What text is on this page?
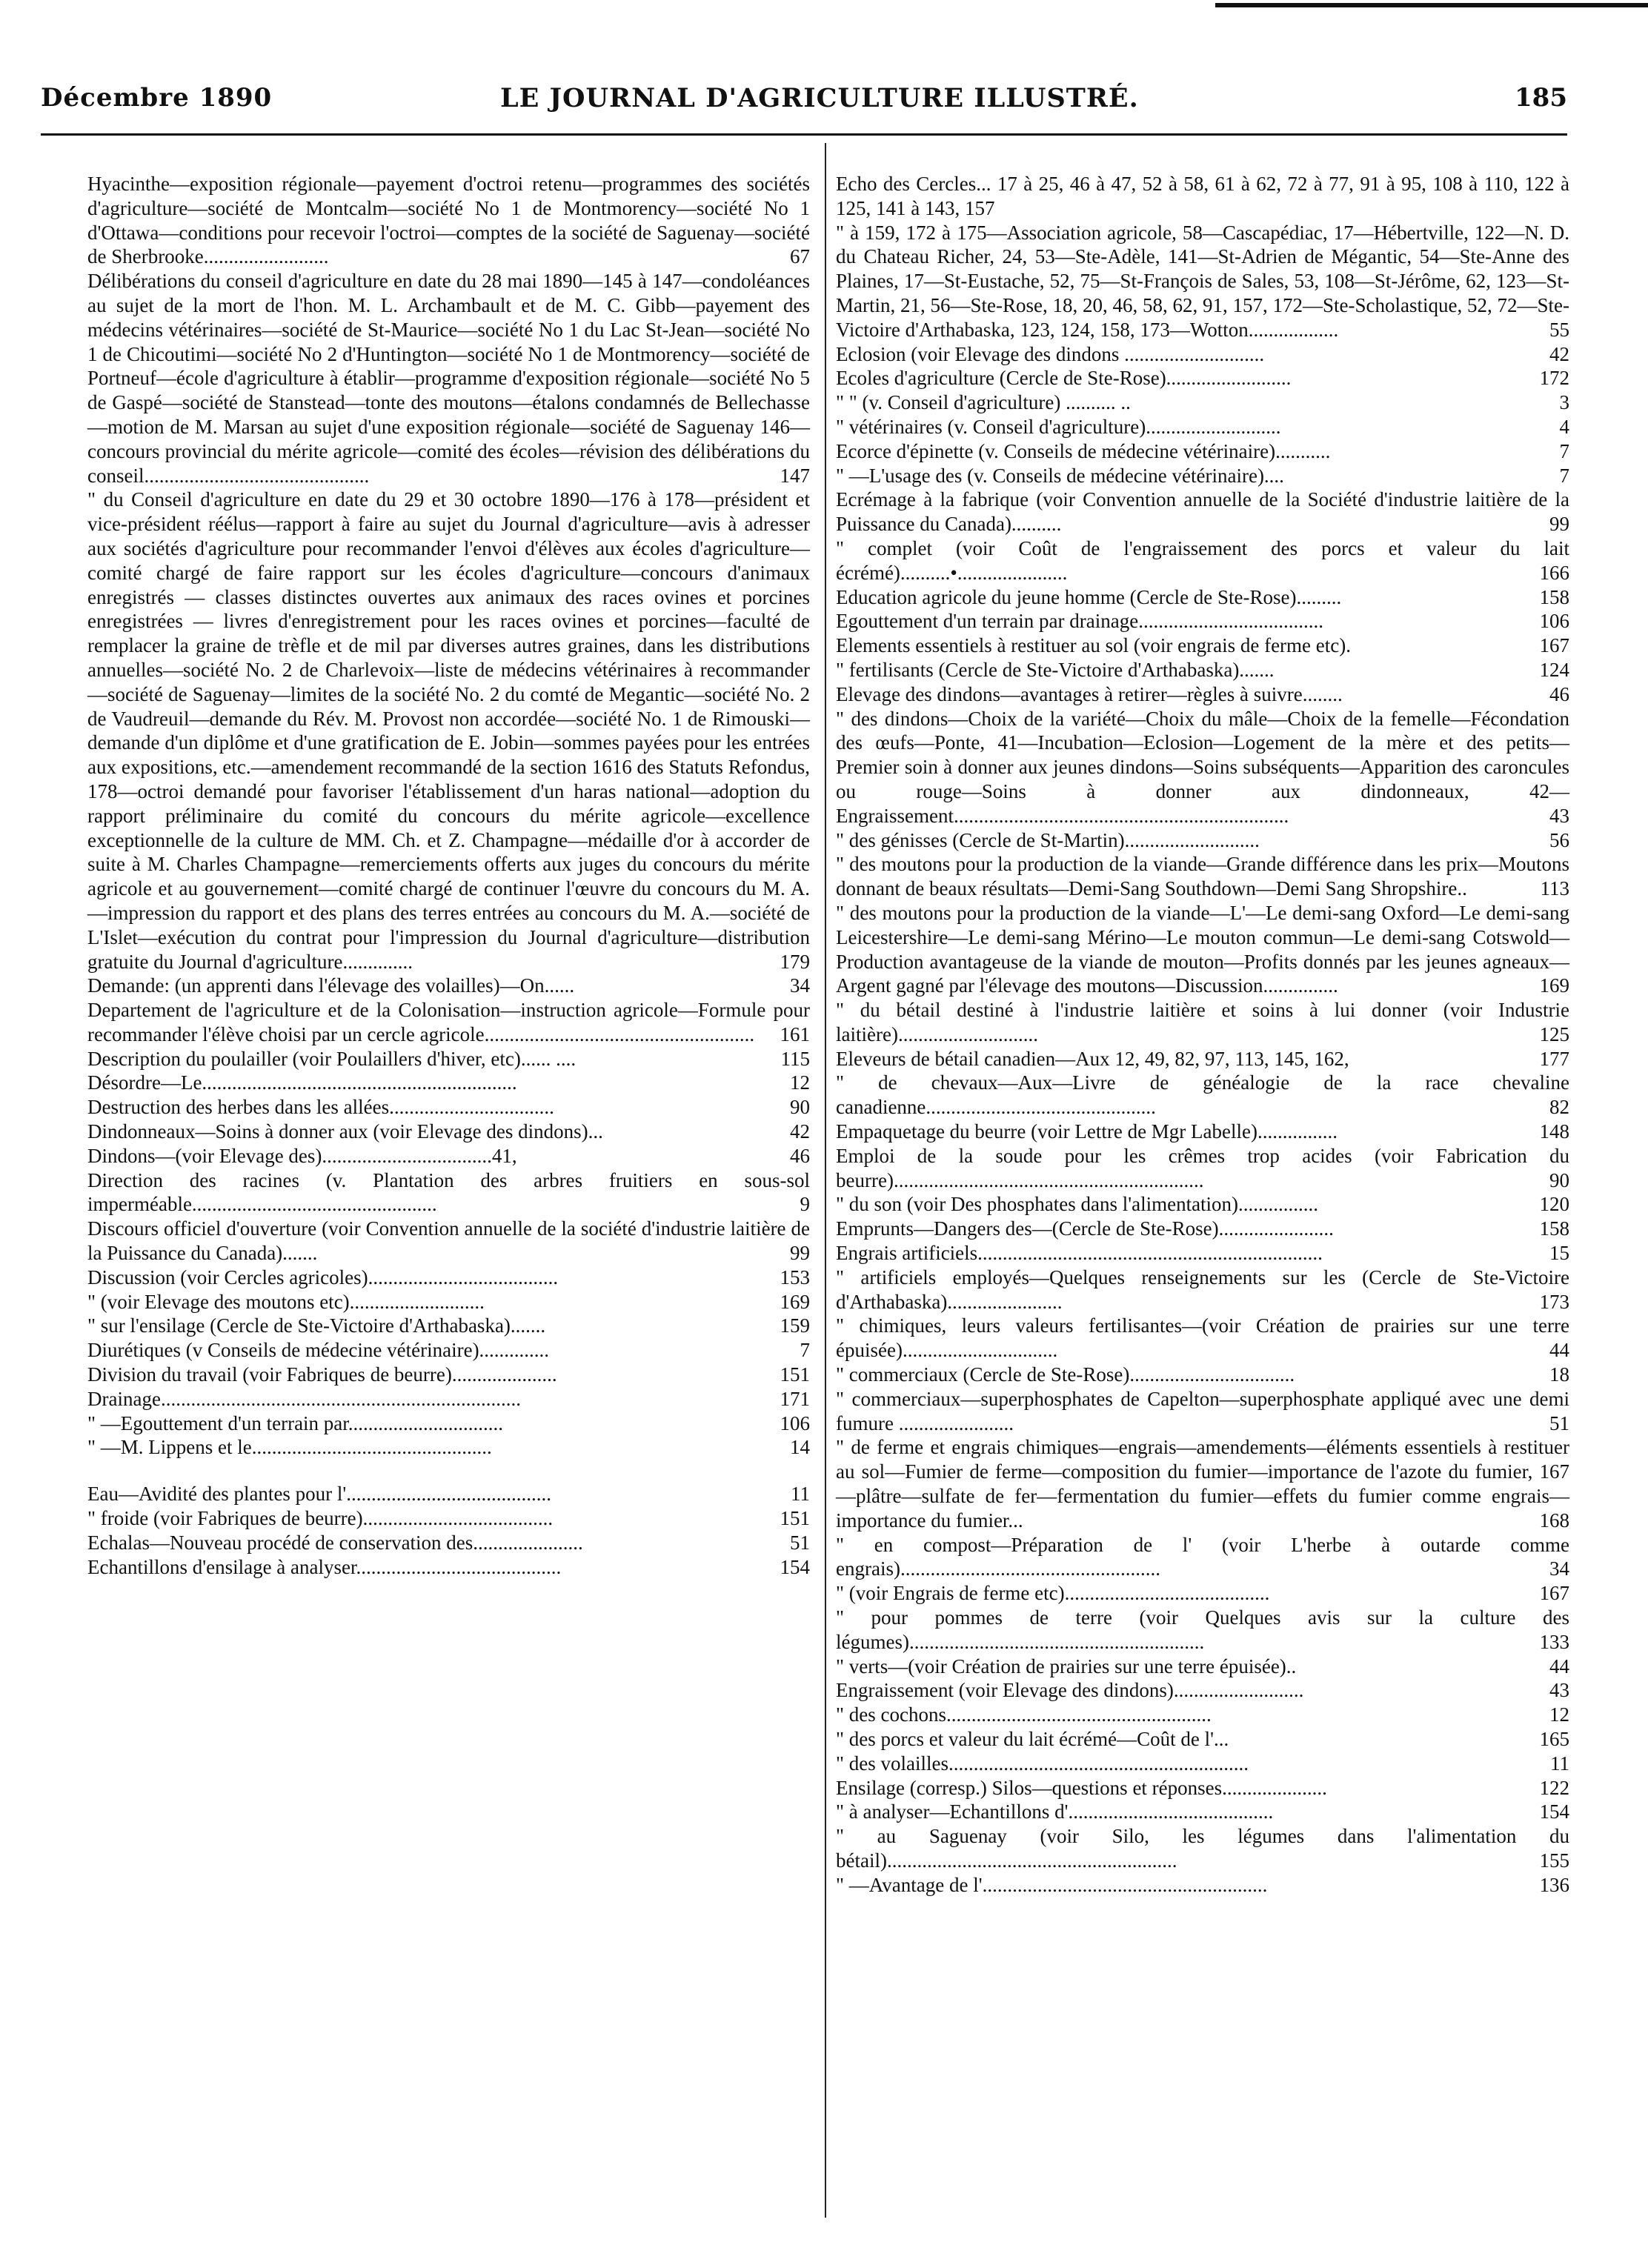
Décembre 1890	LE JOURNAL D'AGRICULTURE ILLUSTRÉ.	185
Hyacinthe—exposition régionale—payement d'octroi retenu—programmes des sociétés d'agriculture—société de Montcalm—société No 1 de Montmorency—société No 1 d'Ottawa—conditions pour recevoir l'octroi—comptes de la société de Saguenay—société de Sherbrooke.........................	67
Délibérations du conseil d'agriculture en date du 28 mai 1890—145 à 147—condoléances au sujet de la mort de l'hon. M. L. Archambault et de M. C. Gibb—payement des médecins vétérinaires—société de St-Maurice—société No 1 du Lac St-Jean—société No 1 de Chicoutimi—société No 2 d'Huntington—société No 1 de Montmorency—société de Portneuf—école d'agriculture à établir—programme d'exposition régionale—société No 5 de Gaspé—société de Stanstead—tonte des moutons—étalons condamnés de Bellechasse—motion de M. Marsan au sujet d'une exposition régionale—société de Saguenay 146—concours provincial du mérite agricole—comité des écoles—révision des délibérations du conseil.............................................	147
" du Conseil d'agriculture en date du 29 et 30 octobre 1890—176 à 178—président et vice-président réélus—rapport à faire au sujet du Journal d'agriculture—avis à adresser aux sociétés d'agriculture pour recommander l'envoi d'élèves aux écoles d'agriculture—comité chargé de faire rapport sur les écoles d'agriculture—concours d'animaux enregistrés — classes distinctes ouvertes aux animaux des races ovines et porcines enregistrées — livres d'enregistrement pour les races ovines et porcines—faculté de remplacer la graine de trèfle et de mil par diverses autres graines, dans les distributions annuelles—société No. 2 de Charlevoix—liste de médecins vétérinaires à recommander—société de Saguenay—limites de la société No. 2 du comté de Megantic—société No. 2 de Vaudreuil—demande du Rév. M. Provost non accordée—société No. 1 de Rimouski—demande d'un diplôme et d'une gratification de E. Jobin—sommes payées pour les entrées aux expositions, etc.—amendement recommandé de la section 1616 des Statuts Refondus, 178—octroi demandé pour favoriser l'établissement d'un haras national—adoption du rapport préliminaire du comité du concours du mérite agricole—excellence exceptionnelle de la culture de MM. Ch. et Z. Champagne—médaille d'or à accorder de suite à M. Charles Champagne—remerciements offerts aux juges du concours du mérite agricole et au gouvernement—comité chargé de continuer l'œuvre du concours du M. A.—impression du rapport et des plans des terres entrées au concours du M. A.—société de L'Islet—exécution du contrat pour l'impression du Journal d'agriculture—distribution gratuite du Journal d'agriculture..............	179
Demande: (un apprenti dans l'élevage des volailles)—On......	34
Departement de l'agriculture et de la Colonisation—instruction agricole—Formule pour recommander l'élève choisi par un cercle agricole......................................................	161
Description du poulailler (voir Poulaillers d'hiver, etc)...... ....	115
Désordre—Le...............................................................	12
Destruction des herbes dans les allées.................................	90
Dindonneaux—Soins à donner aux (voir Elevage des dindons)...	42
Dindons—(voir Elevage des)..................................41,	46
Direction des racines (v. Plantation des arbres fruitiers en sous-sol imperméable.................................................	9
Discours officiel d'ouverture (voir Convention annuelle de la société d'industrie laitière de la Puissance du Canada).......	99
Discussion (voir Cercles agricoles)......................................	153
" (voir Elevage des moutons etc)...........................	169
" sur l'ensilage (Cercle de Ste-Victoire d'Arthabaska).......	159
Diurétiques (v Conseils de médecine vétérinaire)..............	7
Division du travail (voir Fabriques de beurre).....................	151
Drainage........................................................................	171
" —Egouttement d'un terrain par...............................	106
" —M. Lippens et le................................................	14
Eau—Avidité des plantes pour l'.........................................	11
" froide (voir Fabriques de beurre)......................................	151
Echalas—Nouveau procédé de conservation des......................	51
Echantillons d'ensilage à analyser.........................................	154
Echo des Cercles... 17 à 25, 46 à 47, 52 à 58, 61 à 62, 72 à 77, 91 à 95, 108 à 110, 122 à 125, 141 à 143, 157
" à 159, 172 à 175—Association agricole, 58—Cascapédiac, 17—Hébertville, 122—N. D. du Chateau Richer, 24, 53—Ste-Adèle, 141—St-Adrien de Mégantic, 54—Ste-Anne des Plaines, 17—St-Eustache, 52, 75—St-François de Sales, 53, 108—St-Jérôme, 62, 123—St-Martin, 21, 56—Ste-Rose, 18, 20, 46, 58, 62, 91, 157, 172—Ste-Scholastique, 52, 72—Ste-Victoire d'Arthabaska, 123, 124, 158, 173—Wotton..................	55
Eclosion (voir Elevage des dindons ............................	42
Ecoles d'agriculture (Cercle de Ste-Rose).........................	172
" " (v. Conseil d'agriculture) .......... ..	3
" vétérinaires (v. Conseil d'agriculture)...........................	4
Ecorce d'épinette (v. Conseils de médecine vétérinaire)...........	7
" —L'usage des (v. Conseils de médecine vétérinaire)....	7
Ecrémage à la fabrique (voir Convention annuelle de la Société d'industrie laitière de la Puissance du Canada)..........	99
" complet (voir Coût de l'engraissement des porcs et valeur du lait écrémé)..........•......................	166
Education agricole du jeune homme (Cercle de Ste-Rose).........	158
Egouttement d'un terrain par drainage.....................................	106
Elements essentiels à restituer au sol (voir engrais de ferme etc).	167
" fertilisants (Cercle de Ste-Victoire d'Arthabaska).......	124
Elevage des dindons—avantages à retirer—règles à suivre........	46
" des dindons—Choix de la variété—Choix du mâle—Choix de la femelle—Fécondation des œufs—Ponte, 41—Incubation—Eclosion—Logement de la mère et des petits—Premier soin à donner aux jeunes dindons—Soins subséquents—Apparition des caroncules ou rouge—Soins à donner aux dindonneaux, 42—Engraissement...................................................................	43
" des génisses (Cercle de St-Martin)...........................	56
" des moutons pour la production de la viande—Grande différence dans les prix—Moutons donnant de beaux résultats—Demi-Sang Southdown—Demi Sang Shropshire..	113
" des moutons pour la production de la viande—L'—Le demi-sang Oxford—Le demi-sang Leicestershire—Le demi-sang Mérino—Le mouton commun—Le demi-sang Cotswold—Production avantageuse de la viande de mouton—Profits donnés par les jeunes agneaux—Argent gagné par l'élevage des moutons—Discussion...............	169
" du bétail destiné à l'industrie laitière et soins à lui donner (voir Industrie laitière)............................	125
Eleveurs de bétail canadien—Aux 12, 49, 82, 97, 113, 145, 162,	177
" de chevaux—Aux—Livre de généalogie de la race chevaline canadienne..............................................	82
Empaquetage du beurre (voir Lettre de Mgr Labelle)................	148
Emploi de la soude pour les crêmes trop acides (voir Fabrication du beurre)..............................................................	90
" du son (voir Des phosphates dans l'alimentation)................	120
Emprunts—Dangers des—(Cercle de Ste-Rose).......................	158
Engrais artificiels.....................................................................	15
" artificiels employés—Quelques renseignements sur les (Cercle de Ste-Victoire d'Arthabaska).......................	173
" chimiques, leurs valeurs fertilisantes—(voir Création de prairies sur une terre épuisée)...............................	44
" commerciaux (Cercle de Ste-Rose).................................	18
" commerciaux—superphosphates de Capelton—superphosphate appliqué avec une demi fumure .......................	51
" de ferme et engrais chimiques—engrais—amendements—éléments essentiels à restituer au sol—Fumier de ferme—composition du fumier—importance de l'azote du fumier, 167—plâtre—sulfate de fer—fermentation du fumier—effets du fumier comme engrais—importance du fumier...	168
" en compost—Préparation de l' (voir L'herbe à outarde comme engrais)....................................................	34
" (voir Engrais de ferme etc).........................................	167
" pour pommes de terre (voir Quelques avis sur la culture des légumes)...........................................................	133
" verts—(voir Création de prairies sur une terre épuisée)..	44
Engraissement (voir Elevage des dindons)..........................	43
" des cochons.....................................................	12
" des porcs et valeur du lait écrémé—Coût de l'...	165
" des volailles............................................................	11
Ensilage (corresp.) Silos—questions et réponses.....................	122
" à analyser—Echantillons d'.........................................	154
" au Saguenay (voir Silo, les légumes dans l'alimentation du bétail)..........................................................	155
" —Avantage de l'.........................................................	136
